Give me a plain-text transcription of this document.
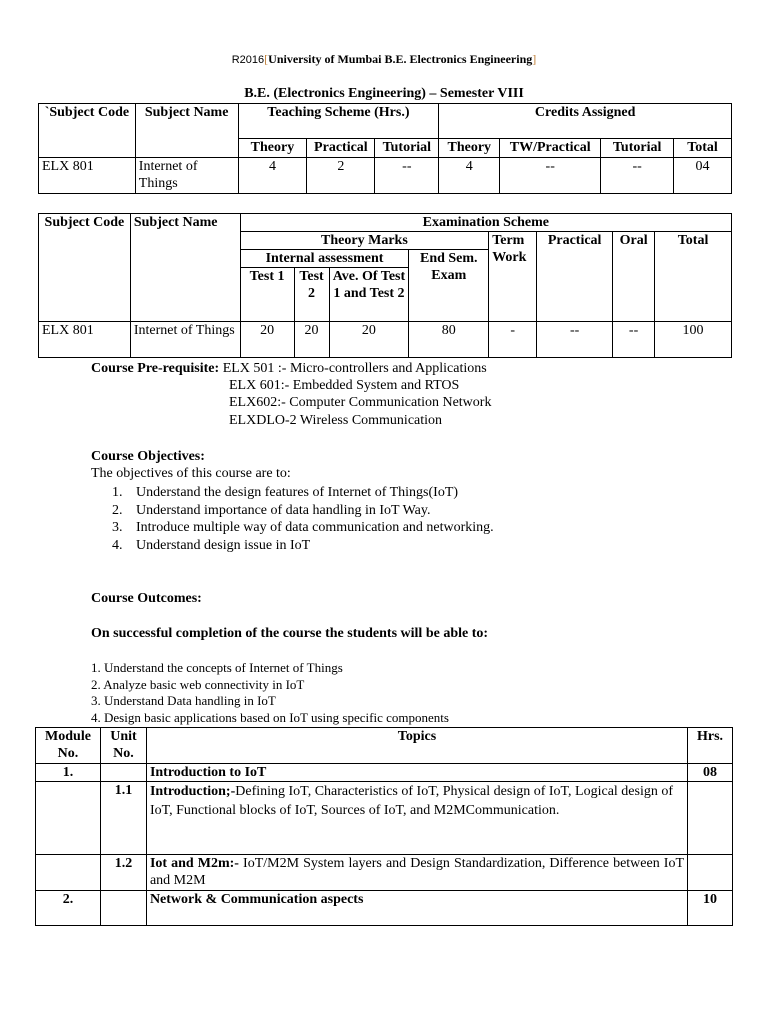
R2016[University of Mumbai B.E. Electronics Engineering]
B.E. (Electronics Engineering) – Semester VIII
`Subject Code	Subject Name	Teaching Scheme (Hrs.)			Credits Assigned			
		Theory	Practical	Tutorial	Theory	TW/Practical	Tutorial	Total
ELX 801	Internet of Things	4	2	--	4	--	--	04
Subject Code	Subject Name	Examination Scheme							
		Theory Marks				Term Work	Practical	Oral	Total
		Internal assessment			End Sem. Exam				
		Test 1	Test 2	Ave. Of Test 1 and Test 2					
ELX 801	Internet of Things	20	20	20	80	-	--	--	100
Course Pre-requisite: ELX 501 :- Micro-controllers and Applications
ELX 601:- Embedded System and RTOS
ELX602:- Computer Communication Network
ELXDLO-2 Wireless Communication
Course Objectives:
The objectives of this course are to:
1. Understand the design features of Internet of Things(IoT)
2. Understand importance of data handling in IoT Way.
3. Introduce multiple way of data communication and networking.
4. Understand design issue in IoT
Course Outcomes:
On successful completion of the course the students will be able to:
1. Understand the concepts of Internet of Things
2. Analyze basic web connectivity in IoT
3. Understand Data handling in IoT
4. Design basic applications based on IoT using specific components
Module No.	Unit No.	Topics	Hrs.
1.		Introduction to IoT	08
	1.1	Introduction;-Defining IoT, Characteristics of IoT, Physical design of IoT, Logical design of IoT, Functional blocks of IoT, Sources of IoT, and M2MCommunication.	
	1.2	Iot and M2m:- IoT/M2M System layers and Design Standardization, Difference between IoT and M2M	
2.		Network & Communication aspects	10
